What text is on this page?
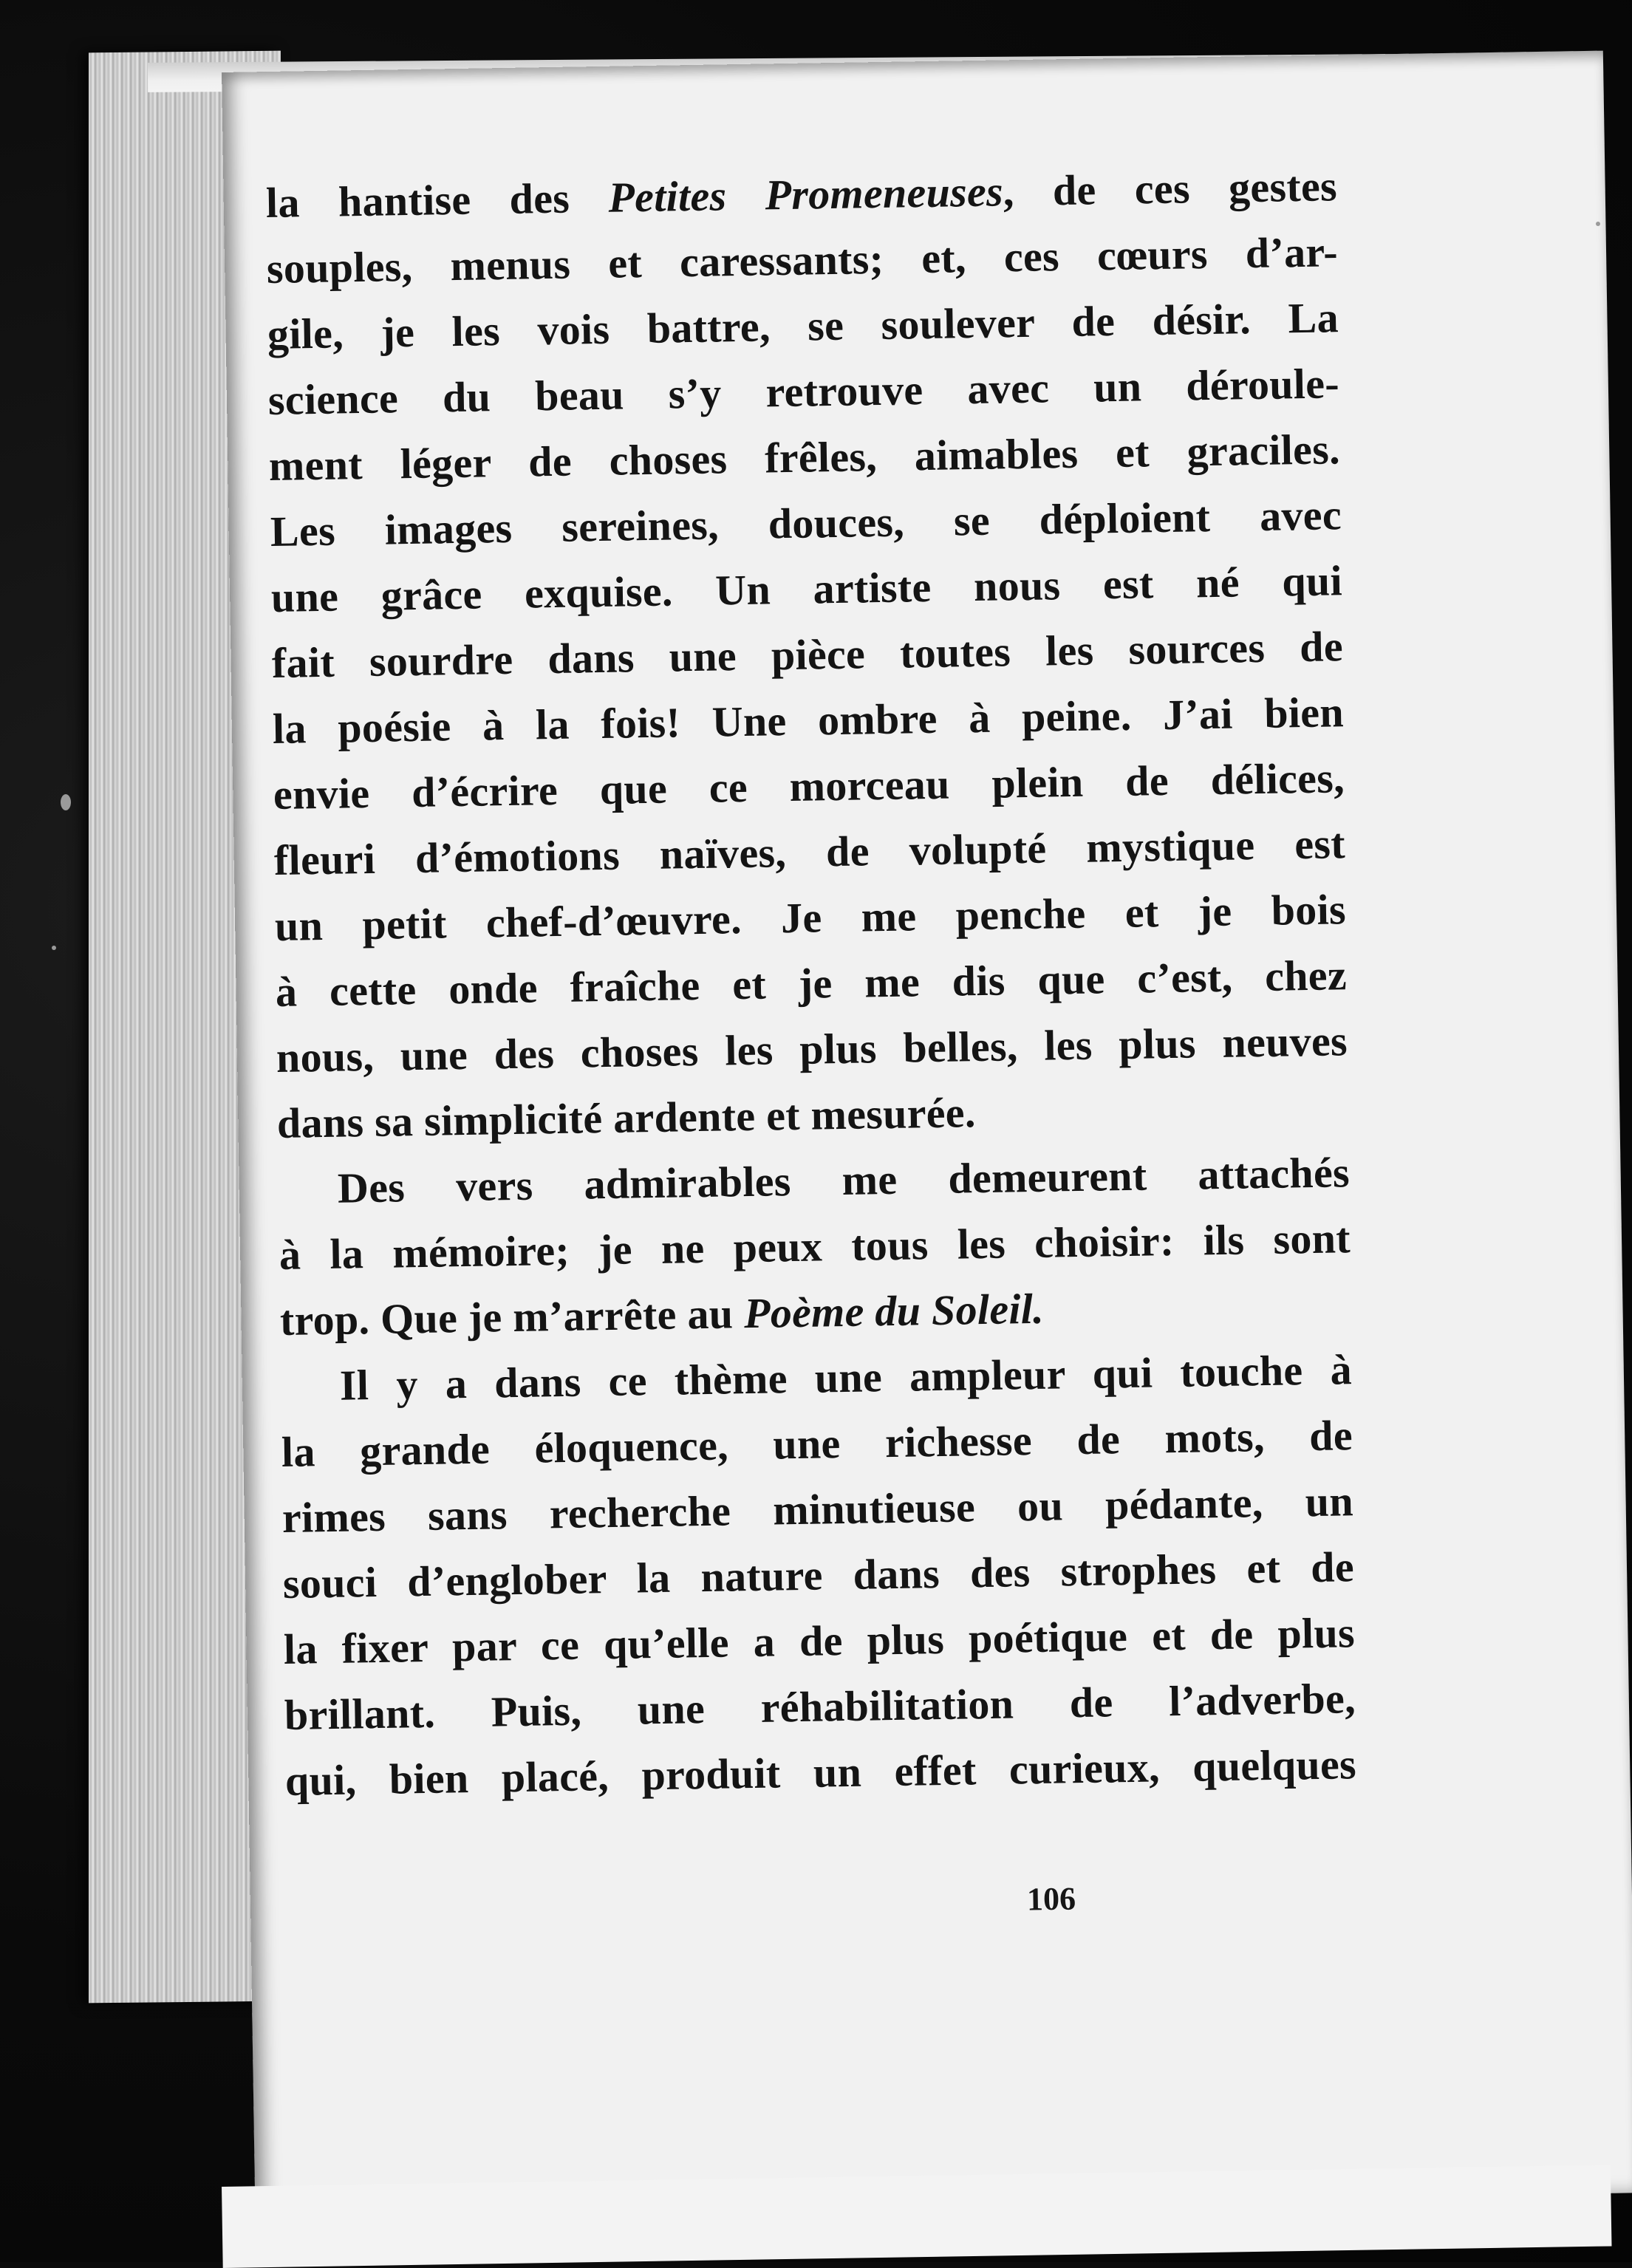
la hantise des Petites Promeneuses, de ces gestes
souples, menus et caressants; et, ces cœurs d’ar-
gile, je les vois battre, se soulever de désir. La
science du beau s’y retrouve avec un déroule-
ment léger de choses frêles, aimables et graciles.
Les images sereines, douces, se déploient avec
une grâce exquise. Un artiste nous est né qui
fait sourdre dans une pièce toutes les sources de
la poésie à la fois! Une ombre à peine. J’ai bien
envie d’écrire que ce morceau plein de délices,
fleuri d’émotions naïves, de volupté mystique est
un petit chef-d’œuvre. Je me penche et je bois
à cette onde fraîche et je me dis que c’est, chez
nous, une des choses les plus belles, les plus neuves
dans sa simplicité ardente et mesurée.
Des vers admirables me demeurent attachés
à la mémoire; je ne peux tous les choisir: ils sont
trop. Que je m’arrête au Poème du Soleil.
Il y a dans ce thème une ampleur qui touche à
la grande éloquence, une richesse de mots, de
rimes sans recherche minutieuse ou pédante, un
souci d’englober la nature dans des strophes et de
la fixer par ce qu’elle a de plus poétique et de plus
brillant. Puis, une réhabilitation de l’adverbe,
qui, bien placé, produit un effet curieux, quelques
106
